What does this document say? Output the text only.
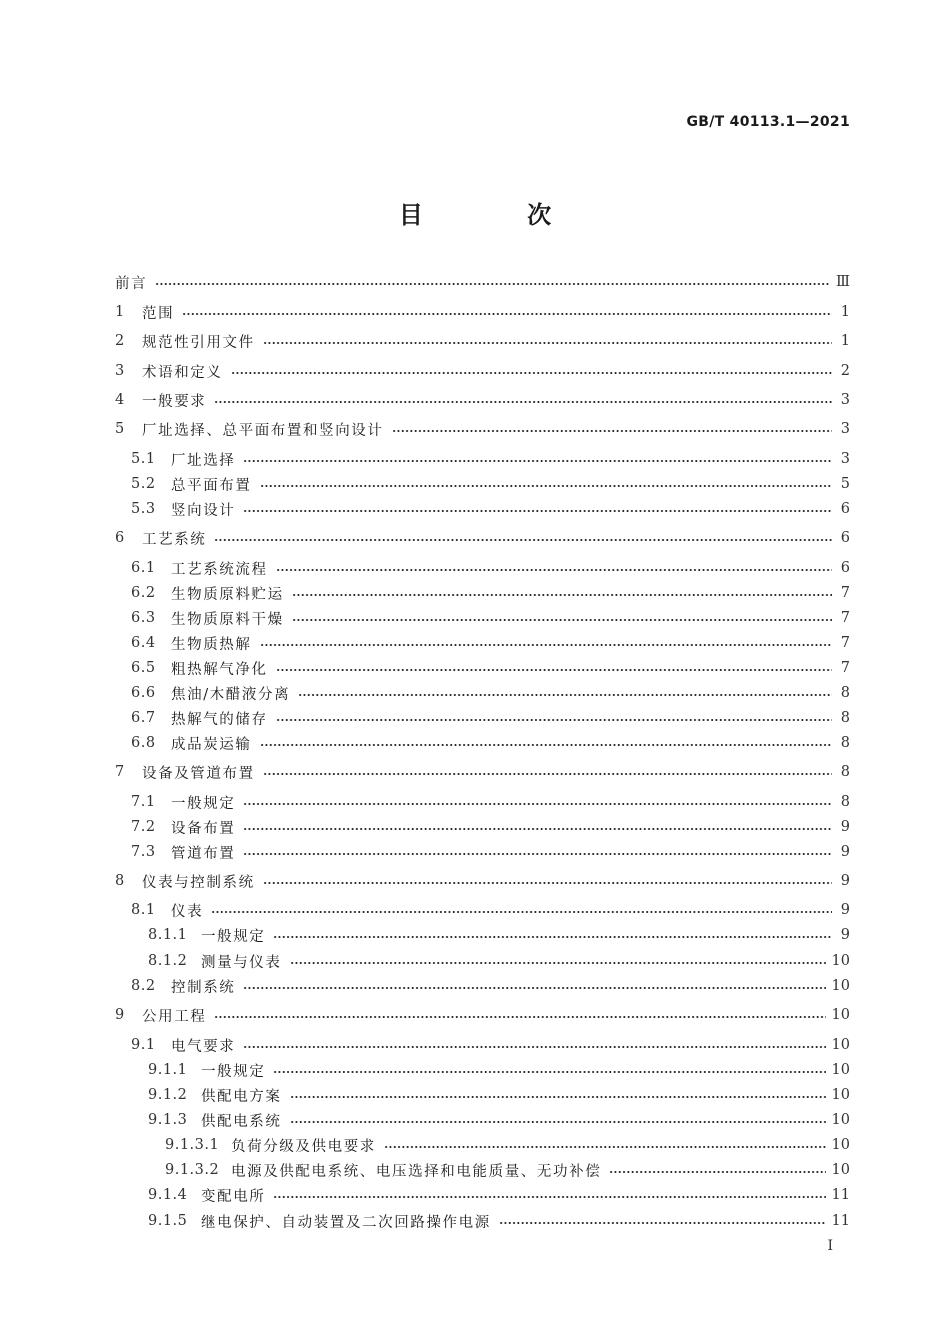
GB/T 40113.1—2021
目 次
前言	Ⅲ
1	范围	1
2	规范性引用文件	1
3	术语和定义	2
4	一般要求	3
5	厂址选择、总平面布置和竖向设计	3
5.1	厂址选择	3
5.2	总平面布置	5
5.3	竖向设计	6
6	工艺系统	6
6.1	工艺系统流程	6
6.2	生物质原料贮运	7
6.3	生物质原料干燥	7
6.4	生物质热解	7
6.5	粗热解气净化	7
6.6	焦油/木醋液分离	8
6.7	热解气的储存	8
6.8	成品炭运输	8
7	设备及管道布置	8
7.1	一般规定	8
7.2	设备布置	9
7.3	管道布置	9
8	仪表与控制系统	9
8.1	仪表	9
8.1.1 一般规定	9
8.1.2 测量与仪表	10
8.2	控制系统	10
9	公用工程	10
9.1	电气要求	10
9.1.1 一般规定	10
9.1.2 供配电方案	10
9.1.3 供配电系统	10
9.1.3.1 负荷分级及供电要求	10
9.1.3.2 电源及供配电系统、电压选择和电能质量、无功补偿	10
9.1.4 变配电所	11
9.1.5 继电保护、自动装置及二次回路操作电源	11
I
